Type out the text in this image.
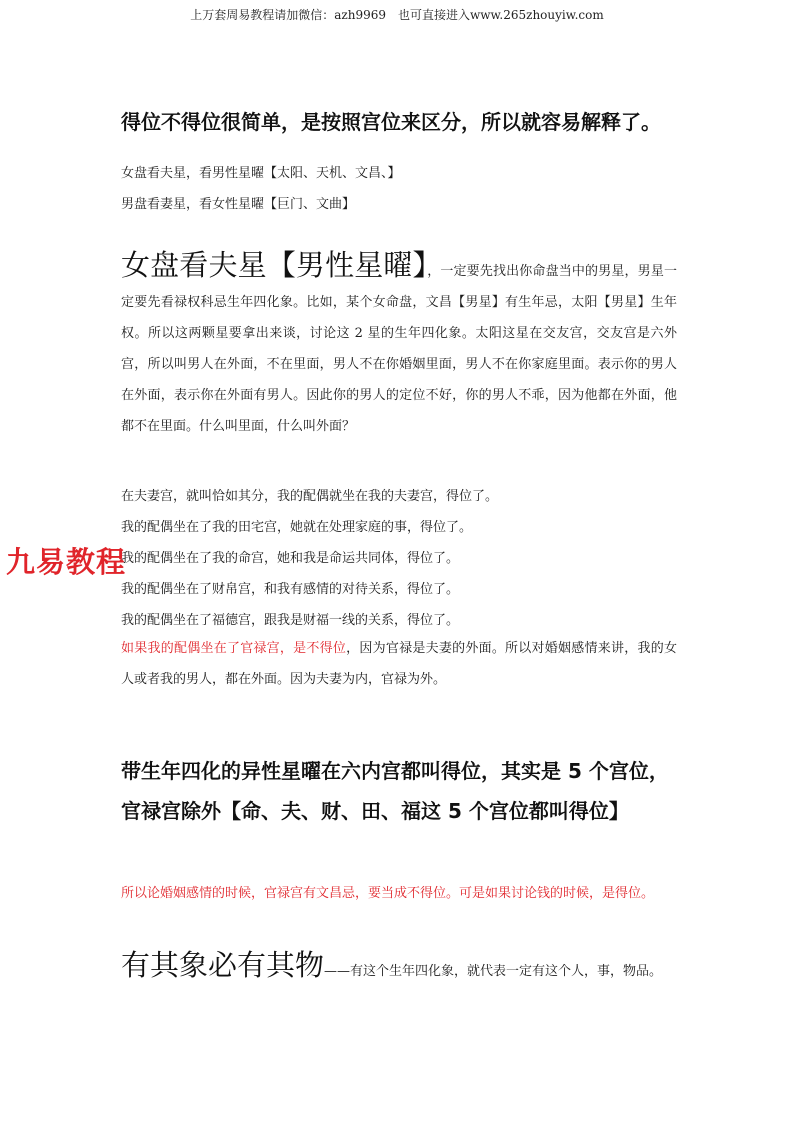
上万套周易教程请加微信：azh9969　也可直接进入www.265zhouyiw.com
得位不得位很简单，是按照宫位来区分，所以就容易解释了。
女盘看夫星，看男性星曜【太阳、天机、文昌、】
男盘看妻星，看女性星曜【巨门、文曲】
女盘看夫星【男性星曜】，一定要先找出你命盘当中的男星，男星一定要先看禄权科忌生年四化象。比如，某个女命盘，文昌【男星】有生年忌，太阳【男星】生年权。所以这两颗星要拿出来谈，讨论这 2 星的生年四化象。太阳这星在交友宫，交友宫是六外宫，所以叫男人在外面，不在里面，男人不在你婚姻里面，男人不在你家庭里面。表示你的男人在外面，表示你在外面有男人。因此你的男人的定位不好，你的男人不乖，因为他都在外面，他都不在里面。什么叫里面，什么叫外面？
在夫妻宫，就叫恰如其分，我的配偶就坐在我的夫妻宫，得位了。
我的配偶坐在了我的田宅宫，她就在处理家庭的事，得位了。
我的配偶坐在了我的命宫，她和我是命运共同体，得位了。
我的配偶坐在了财帛宫，和我有感情的对待关系，得位了。
我的配偶坐在了福德宫，跟我是财福一线的关系，得位了。
如果我的配偶坐在了官禄宫，是不得位，因为官禄是夫妻的外面。所以对婚姻感情来讲，我的女人或者我的男人，都在外面。因为夫妻为内，官禄为外。
带生年四化的异性星曜在六内宫都叫得位，其实是 5 个宫位，
官禄宫除外【命、夫、财、田、福这 5 个宫位都叫得位】
所以论婚姻感情的时候，官禄宫有文昌忌，要当成不得位。可是如果讨论钱的时候，是得位。
有其象必有其物——有这个生年四化象，就代表一定有这个人，事，物品。
九易教程
